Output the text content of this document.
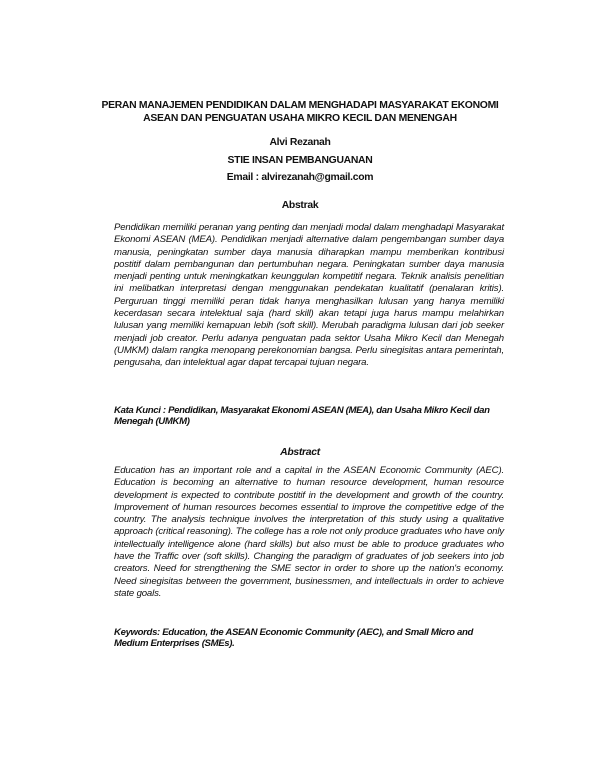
PERAN MANAJEMEN PENDIDIKAN DALAM MENGHADAPI MASYARAKAT EKONOMI
ASEAN DAN PENGUATAN USAHA MIKRO KECIL DAN MENENGAH
Alvi Rezanah
STIE INSAN PEMBANGUANAN
Email : alvirezanah@gmail.com
Abstrak
Pendidikan memiliki peranan yang penting dan menjadi modal dalam menghadapi Masyarakat Ekonomi ASEAN (MEA). Pendidikan menjadi alternative dalam pengembangan sumber daya manusia, peningkatan sumber daya manusia diharapkan mampu memberikan kontribusi postitif dalam pembangunan dan pertumbuhan negara. Peningkatan sumber daya manusia menjadi penting untuk meningkatkan keunggulan kompetitif negara. Teknik analisis penelitian ini melibatkan interpretasi dengan menggunakan pendekatan kualitatif (penalaran kritis). Perguruan tinggi memiliki peran tidak hanya menghasilkan lulusan yang hanya memiliki kecerdasan secara intelektual saja (hard skill) akan tetapi juga harus mampu melahirkan lulusan yang memiliki kemapuan lebih (soft skill). Merubah paradigma lulusan dari job seeker menjadi job creator. Perlu adanya penguatan pada sektor Usaha Mikro Kecil dan Menegah (UMKM) dalam rangka menopang perekonomian bangsa. Perlu sinegisitas antara pemerintah, pengusaha, dan intelektual agar dapat tercapai tujuan negara.
Kata Kunci : Pendidikan, Masyarakat Ekonomi ASEAN (MEA), dan Usaha Mikro Kecil dan Menegah (UMKM)
Abstract
Education has an important role and a capital in the ASEAN Economic Community (AEC). Education is becoming an alternative to human resource development, human resource development is expected to contribute postitif in the development and growth of the country. Improvement of human resources becomes essential to improve the competitive edge of the country. The analysis technique involves the interpretation of this study using a qualitative approach (critical reasoning). The college has a role not only produce graduates who have only intellectually intelligence alone (hard skills) but also must be able to produce graduates who have the Traffic over (soft skills). Changing the paradigm of graduates of job seekers into job creators. Need for strengthening the SME sector in order to shore up the nation's economy. Need sinegisitas between the government, businessmen, and intellectuals in order to achieve state goals.
Keywords: Education, the ASEAN Economic Community (AEC), and Small Micro and Medium Enterprises (SMEs).
